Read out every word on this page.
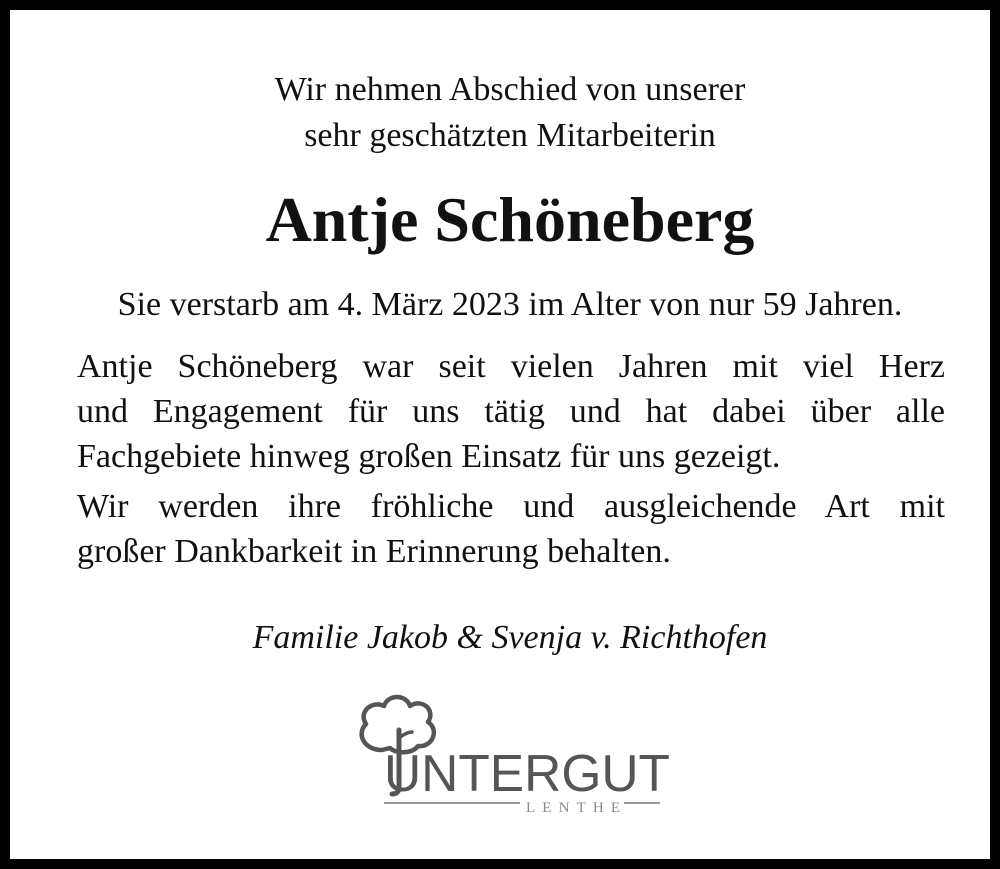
Wir nehmen Abschied von unserer

sehr geschätzten Mitarbeiterin

Antje Schöneberg

Sie verstarb am 4. März 2023 im Alter von nur 59 Jahren.

Antje Schöneberg war seit vielen Jahren mit viel Herz

und Engagement für uns tätig und hat dabei über alle

Fachgebiete hinweg großen Einsatz für uns gezeigt.

Wir werden ihre fröhliche und ausgleichende Art mit

großer Dankbarkeit in Erinnerung behalten.

Familie Jakob & Svenja v. Richthofen

UNTERGUT
LENTHE
